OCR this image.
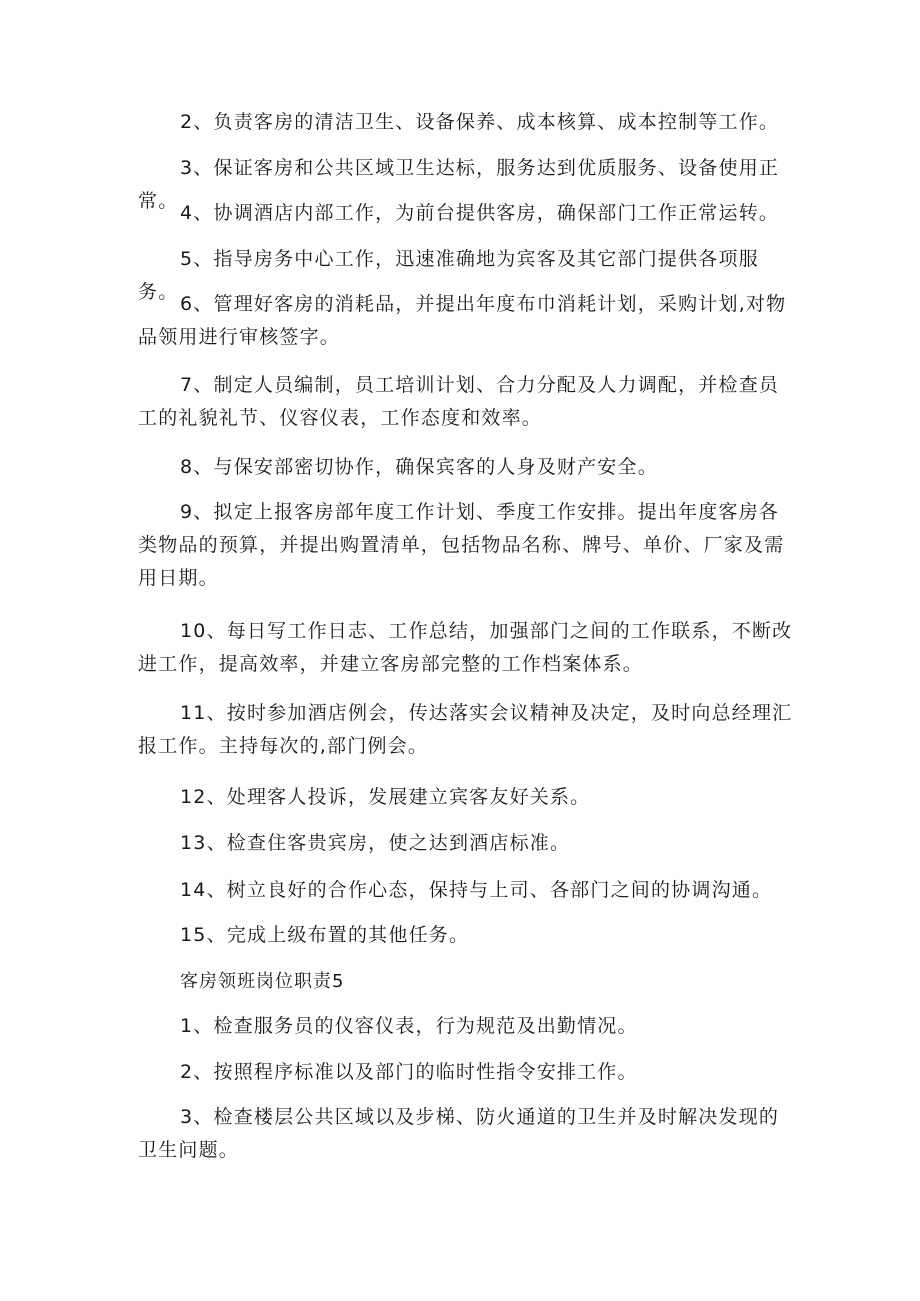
2、负责客房的清洁卫生、设备保养、成本核算、成本控制等工作。

3、保证客房和公共区域卫生达标，服务达到优质服务、设备使用正常。

4、协调酒店内部工作，为前台提供客房，确保部门工作正常运转。

5、指导房务中心工作，迅速准确地为宾客及其它部门提供各项服务。

6、管理好客房的消耗品，并提出年度布巾消耗计划，采购计划,对物品领用进行审核签字。

7、制定人员编制，员工培训计划、合力分配及人力调配，并检查员工的礼貌礼节、仪容仪表，工作态度和效率。

8、与保安部密切协作，确保宾客的人身及财产安全。

9、拟定上报客房部年度工作计划、季度工作安排。提出年度客房各类物品的预算，并提出购置清单，包括物品名称、牌号、单价、厂家及需用日期。

10、每日写工作日志、工作总结，加强部门之间的工作联系，不断改进工作，提高效率，并建立客房部完整的工作档案体系。

11、按时参加酒店例会，传达落实会议精神及决定，及时向总经理汇报工作。主持每次的,部门例会。

12、处理客人投诉，发展建立宾客友好关系。

13、检查住客贵宾房，使之达到酒店标准。

14、树立良好的合作心态，保持与上司、各部门之间的协调沟通。

15、完成上级布置的其他任务。

客房领班岗位职责5

1、检查服务员的仪容仪表，行为规范及出勤情况。

2、按照程序标准以及部门的临时性指令安排工作。

3、检查楼层公共区域以及步梯、防火通道的卫生并及时解决发现的卫生问题。
